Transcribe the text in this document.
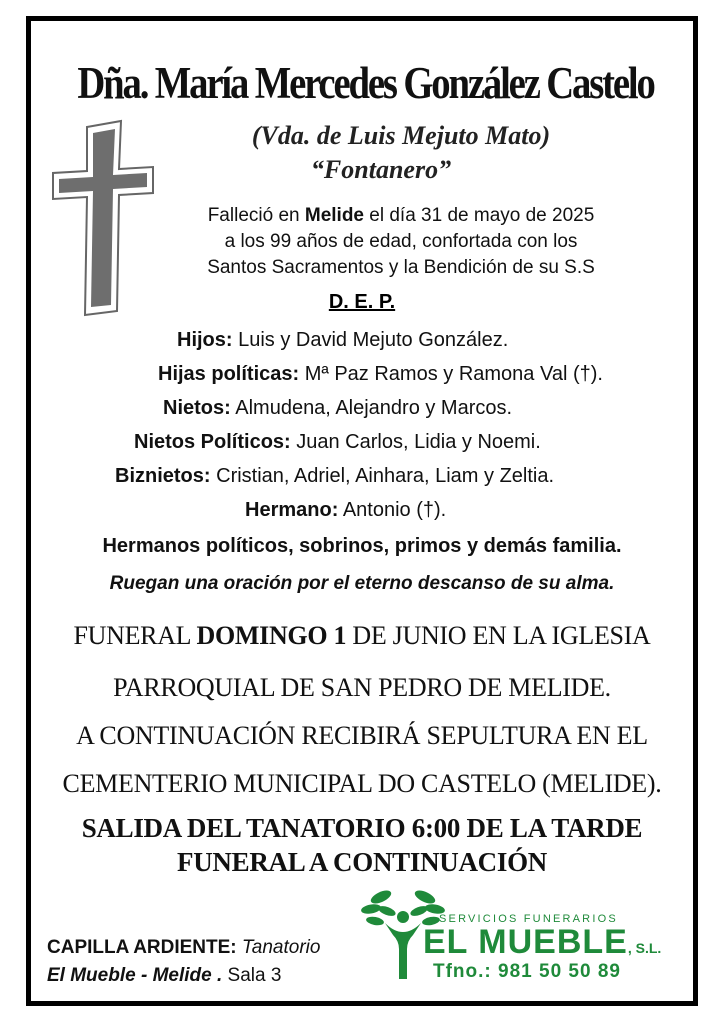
Dña. María Mercedes González Castelo
(Vda. de Luis Mejuto Mato)
“Fontanero”
Falleció en Melide el día 31 de mayo de 2025
a los 99 años de edad, confortada con los
Santos Sacramentos y la Bendición de su S.S
D. E. P.
Hijos: Luis y David Mejuto González.
Hijas políticas: Mª Paz Ramos y Ramona Val (†).
Nietos: Almudena, Alejandro y Marcos.
Nietos Políticos: Juan Carlos, Lidia y Noemi.
Biznietos: Cristian, Adriel, Ainhara, Liam y Zeltia.
Hermano: Antonio (†).
Hermanos políticos, sobrinos, primos y demás familia.
Ruegan una oración por el eterno descanso de su alma.
FUNERAL DOMINGO 1 DE JUNIO EN LA IGLESIA
PARROQUIAL DE SAN PEDRO DE MELIDE.
A CONTINUACIÓN RECIBIRÁ SEPULTURA EN EL
CEMENTERIO MUNICIPAL DO CASTELO (MELIDE).
SALIDA DEL TANATORIO 6:00 DE LA TARDE
FUNERAL A CONTINUACIÓN
CAPILLA ARDIENTE: Tanatorio
El Mueble - Melide . Sala 3
SERVICIOS FUNERARIOS
EL MUEBLE, S.L.
Tfno.: 981 50 50 89
